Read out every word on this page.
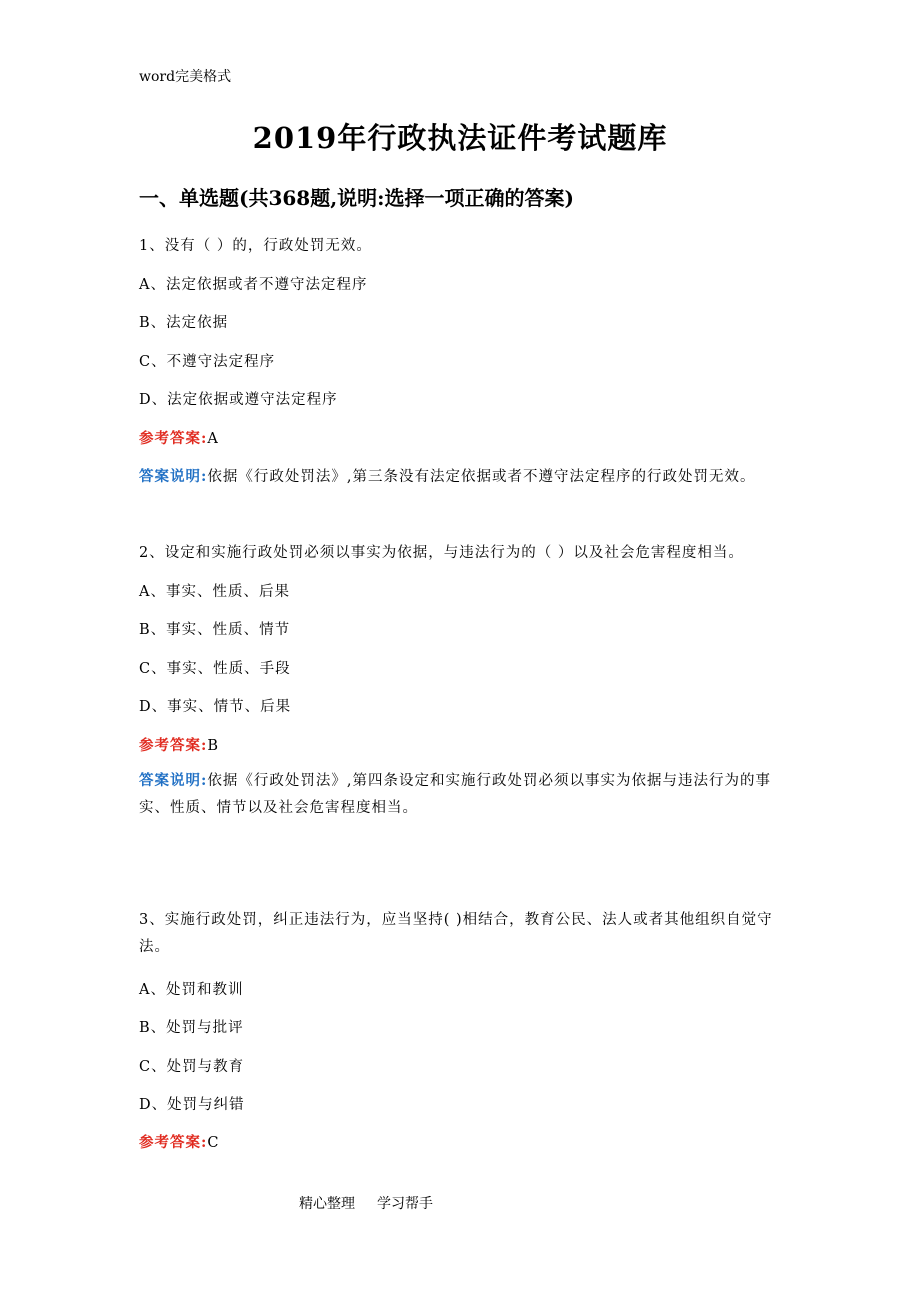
word完美格式
2019年行政执法证件考试题库
一、单选题(共368题,说明:选择一项正确的答案)
1、没有（ ）的，行政处罚无效。
A、法定依据或者不遵守法定程序
B、法定依据
C、不遵守法定程序
D、法定依据或遵守法定程序
参考答案:A
答案说明:依据《行政处罚法》,第三条没有法定依据或者不遵守法定程序的行政处罚无效。
2、设定和实施行政处罚必须以事实为依据，与违法行为的（ ）以及社会危害程度相当。
A、事实、性质、后果
B、事实、性质、情节
C、事实、性质、手段
D、事实、情节、后果
参考答案:B
答案说明:依据《行政处罚法》,第四条设定和实施行政处罚必须以事实为依据与违法行为的事实、性质、情节以及社会危害程度相当。
3、实施行政处罚，纠正违法行为，应当坚持( )相结合，教育公民、法人或者其他组织自觉守法。
A、处罚和教训
B、处罚与批评
C、处罚与教育
D、处罚与纠错
参考答案:C
精心整理 学习帮手
